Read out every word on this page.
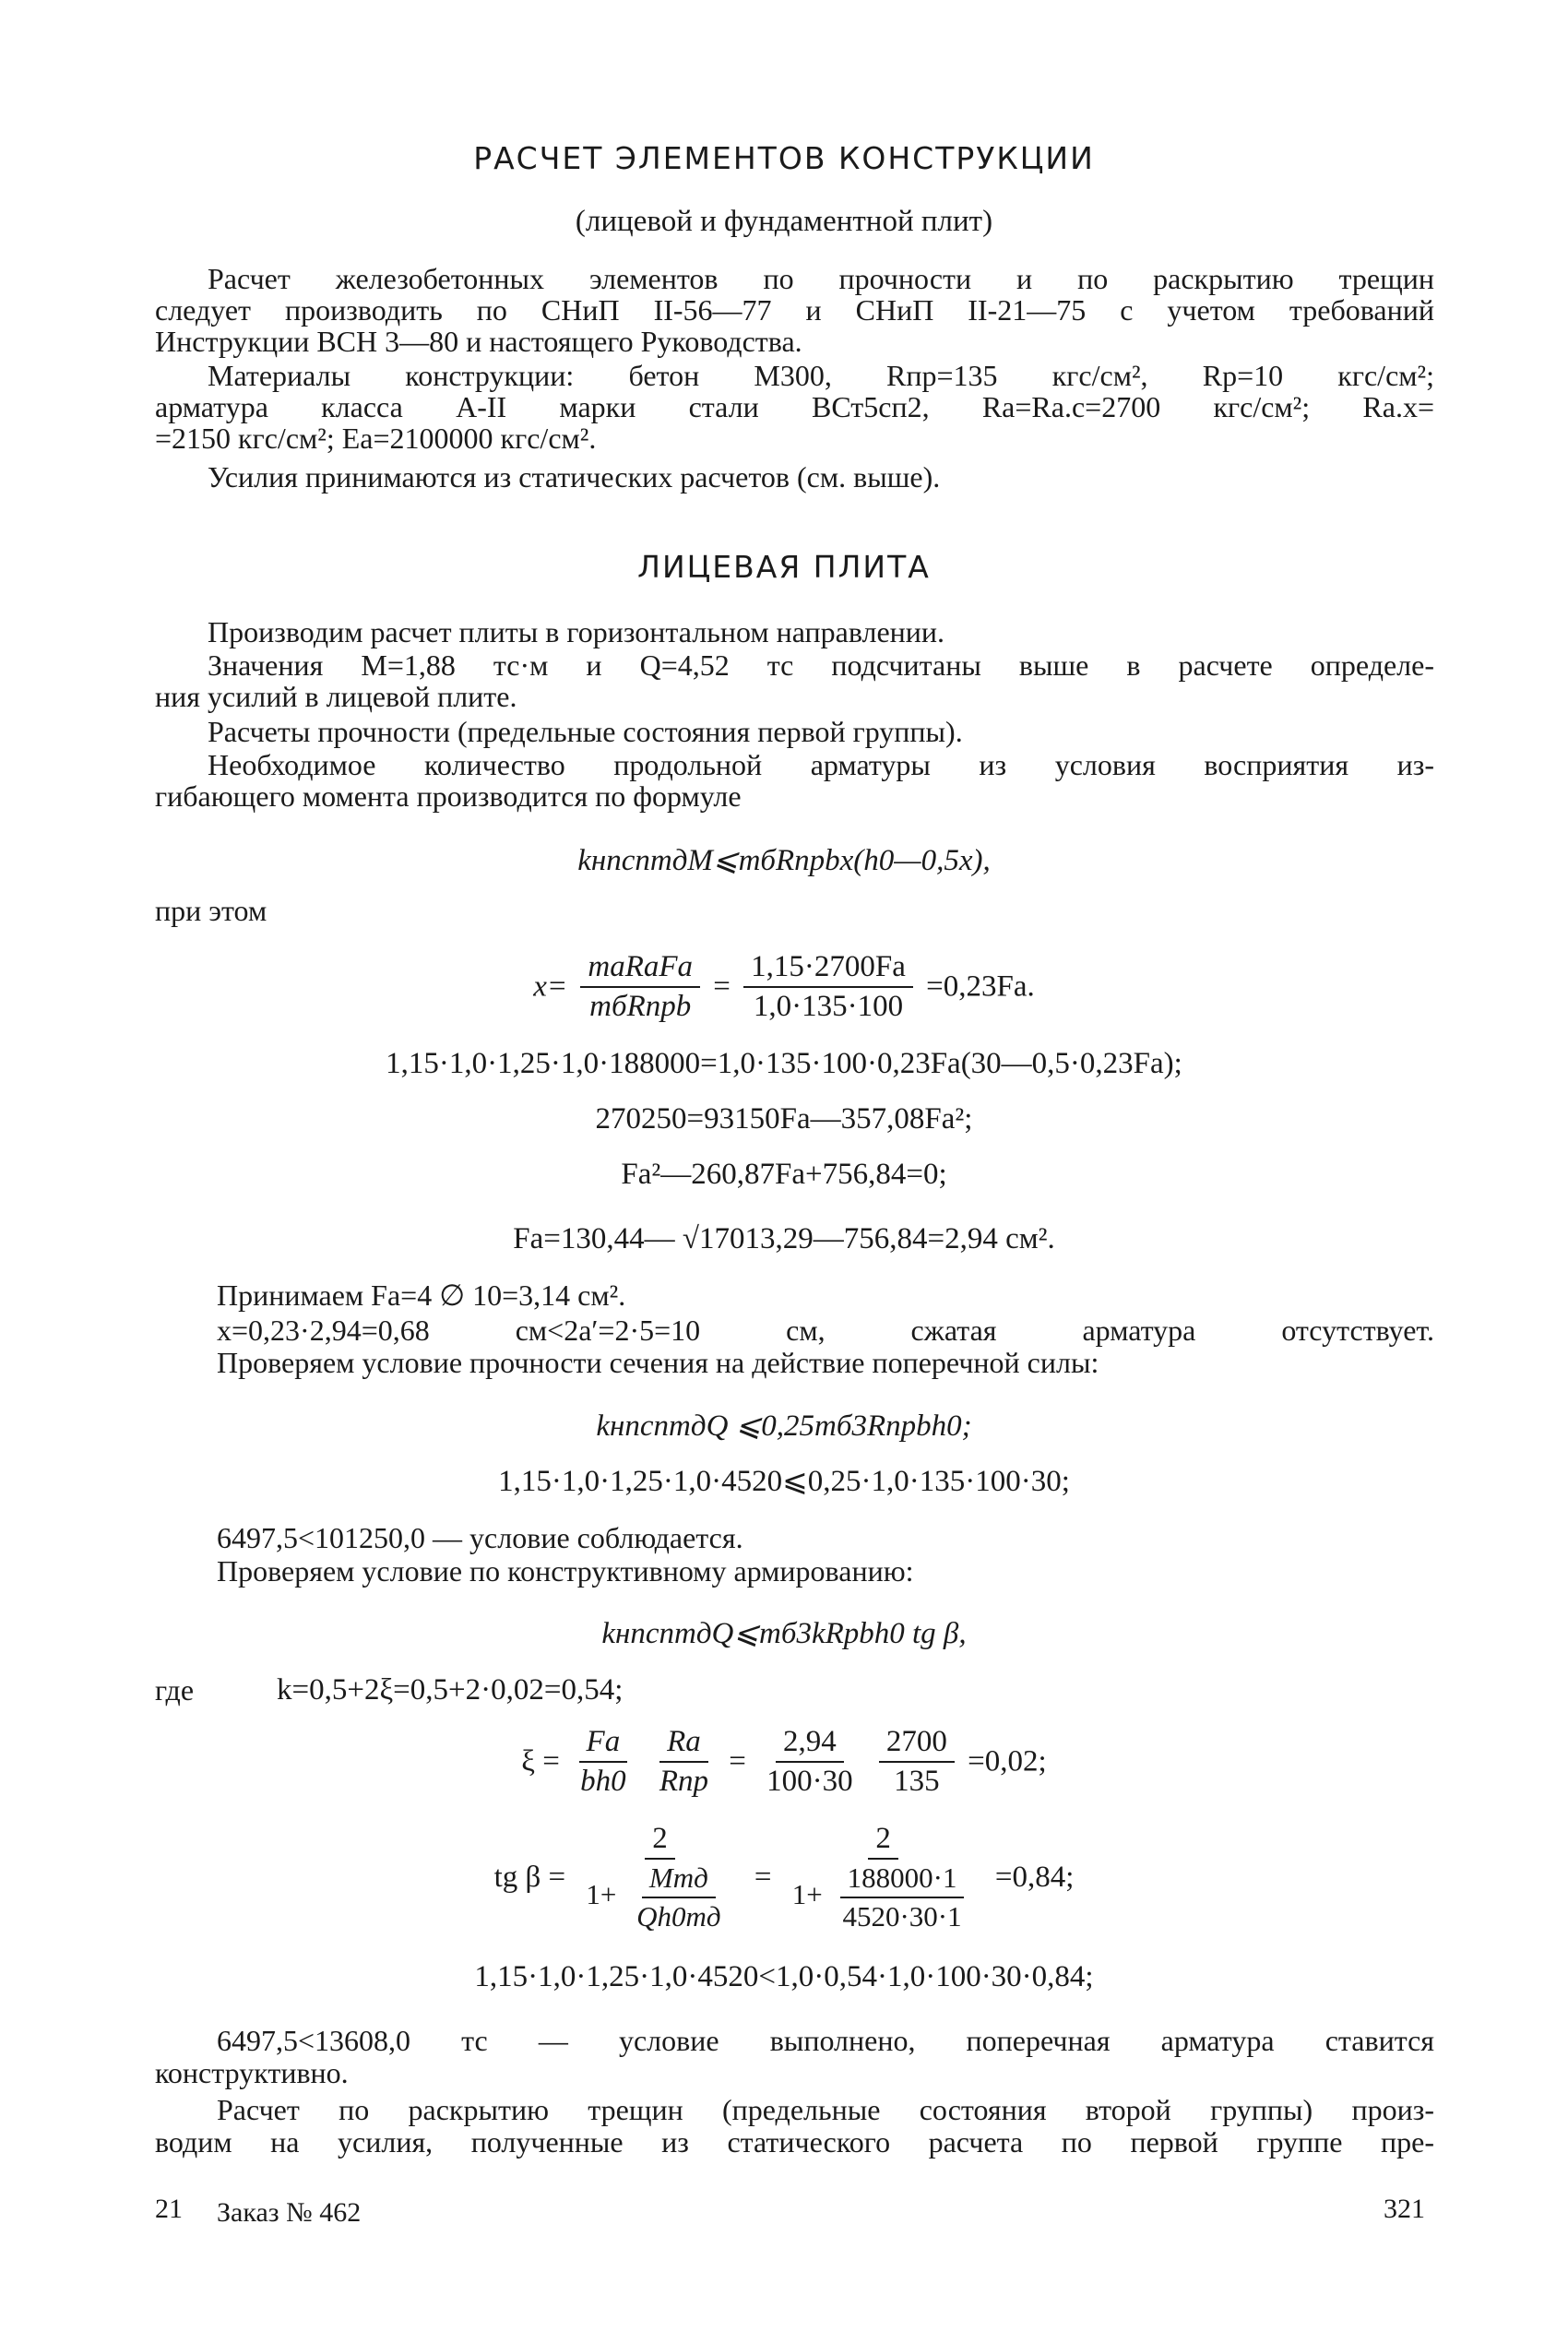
РАСЧЕТ ЭЛЕМЕНТОВ КОНСТРУКЦИИ
(лицевой и фундаментной плит)
Расчет железобетонных элементов по прочности и по раскрытию трещин
следует производить по СНиП II-56—77 и СНиП II-21—75 с учетом требований
Инструкции ВСН 3—80 и настоящего Руководства.
Материалы конструкции: бетон М300, Rпр=135 кгс/см², Rр=10 кгс/см²;
арматура класса А-II марки стали ВСт5сп2, Rа=Rа.с=2700 кгс/см²; Rа.х=
=2150 кгс/см²; Eа=2100000 кгс/см².
Усилия принимаются из статических расчетов (см. выше).
ЛИЦЕВАЯ ПЛИТА
Производим расчет плиты в горизонтальном направлении.
Значения M=1,88 тс·м и Q=4,52 тс подсчитаны выше в расчете определе-
ния усилий в лицевой плите.
Расчеты прочности (предельные состояния первой группы).
Необходимое количество продольной арматуры из условия восприятия из-
гибающего момента производится по формуле
kнnсnmдM⩽mбRпрbx(h0—0,5x),
при этом
$x= \frac{\text{mаRаFа}}{\text{mбRпрb}} = \frac{1,15\cdot 2700Fа}{1,0\cdot 135\cdot 100} =0,23Fа$.
1,15·1,0·1,25·1,0·188000=1,0·135·100·0,23Fа(30—0,5·0,23Fа);
270250=93150Fа—357,08Fа²;
Fа²—260,87Fа+756,84=0;
Fа=130,44— √17013,29—756,84=2,94 см².
Принимаем Fа=4 ∅ 10=3,14 см².
x=0,23·2,94=0,68 см<2a′=2·5=10 см, сжатая арматура отсутствует.
Проверяем условие прочности сечения на действие поперечной силы:
kнnсnmдQ ⩽0,25mб3Rпрbh0;
1,15·1,0·1,25·1,0·4520⩽0,25·1,0·135·100·30;
6497,5<101250,0 — условие соблюдается.
Проверяем условие по конструктивному армированию:
kнnсnmдQ⩽mб3kRрbh0 tg β,
где	k=0,5+2ξ=0,5+2·0,02=0,54;
$\xi = \frac{Fа}{bh0}$
$\frac{Rа}{\text{Rпр}} = \frac{2,94}{100\cdot 30}$
$\frac{2700}{135} =0,02$;
tg $\beta = \frac{2}{1+ \frac{\text{Mmд}}{Qh0mд}} = \frac{2}{1+ \frac{188000\cdot 1}{4520\cdot 30\cdot 1}} =0,84$;
1,15·1,0·1,25·1,0·4520<1,0·0,54·1,0·100·30·0,84;
6497,5<13608,0 тс — условие выполнено, поперечная арматура ставится
конструктивно.
Расчет по раскрытию трещин (предельные состояния второй группы) произ-
водим на усилия, полученные из статического расчета по первой группе пре-
21 Заказ № 462	321
